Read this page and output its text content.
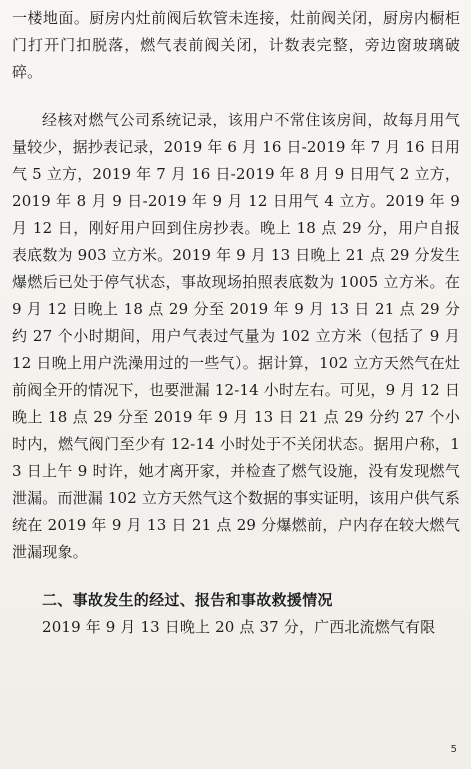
一楼地面。厨房内灶前阀后软管未连接，灶前阀关闭，厨房内橱柜门打开门扣脱落，燃气表前阀关闭，计数表完整，旁边窗玻璃破碎。

经核对燃气公司系统记录，该用户不常住该房间，故每月用气量较少，据抄表记录，2019 年 6 月 16 日-2019 年 7 月 16 日用气 5 立方，2019 年 7 月 16 日-2019 年 8 月 9 日用气 2 立方，2019 年 8 月 9 日-2019 年 9 月 12 日用气 4 立方。2019 年 9 月 12 日，刚好用户回到住房抄表。晚上 18 点 29 分，用户自报表底数为 903 立方米。2019 年 9 月 13 日晚上 21 点 29 分发生爆燃后已处于停气状态，事故现场拍照表底数为 1005 立方米。在 9 月 12 日晚上 18 点 29 分至 2019 年 9 月 13 日 21 点 29 分约 27 个小时期间，用户气表过气量为 102 立方米（包括了 9 月 12 日晚上用户洗澡用过的一些气）。据计算，102 立方天然气在灶前阀全开的情况下，也要泄漏 12-14 小时左右。可见，9 月 12 日晚上 18 点 29 分至 2019 年 9 月 13 日 21 点 29 分约 27 个小时内，燃气阀门至少有 12-14 小时处于不关闭状态。据用户称，13 日上午 9 时许，她才离开家，并检查了燃气设施，没有发现燃气泄漏。而泄漏 102 立方天然气这个数据的事实证明，该用户供气系统在 2019 年 9 月 13 日 21 点 29 分爆燃前，户内存在较大燃气泄漏现象。

二、事故发生的经过、报告和事故救援情况

2019 年 9 月 13 日晚上 20 点 37 分，广西北流燃气有限

5
